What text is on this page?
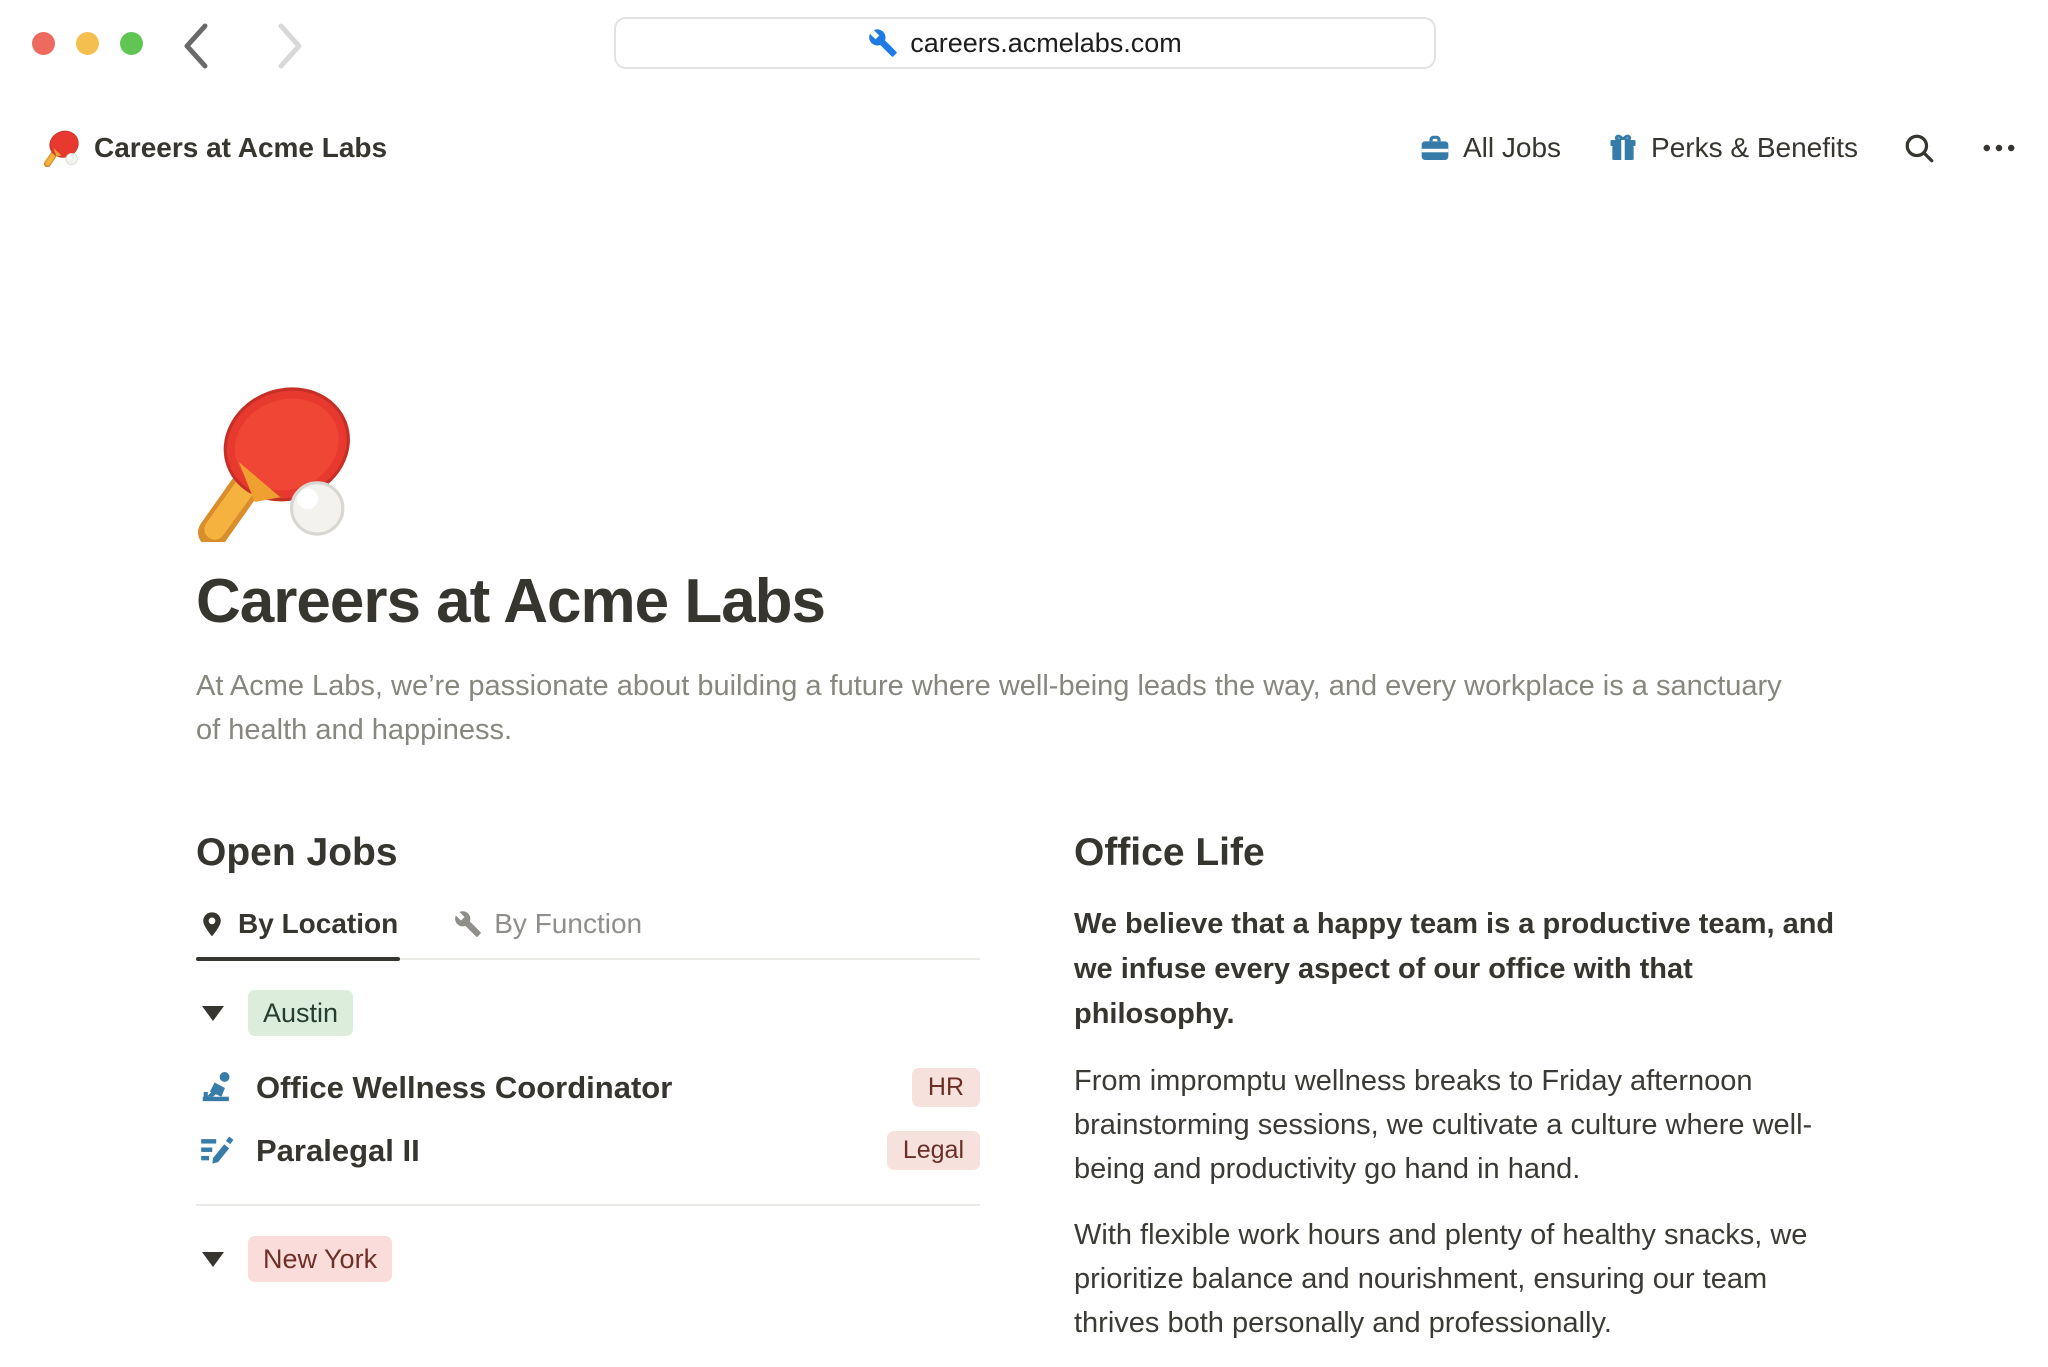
careers.acmelabs.com
Careers at Acme Labs	All Jobs	Perks & Benefits
Careers at Acme Labs

At Acme Labs, we’re passionate about building a future where well-being leads the way, and every workplace is a sanctuary of health and happiness.

Open Jobs
By Location	By Function
Austin
Office Wellness Coordinator	HR
Paralegal II	Legal
New York
Office Life

We believe that a happy team is a productive team, and we infuse every aspect of our office with that philosophy.

From impromptu wellness breaks to Friday afternoon brainstorming sessions, we cultivate a culture where well-being and productivity go hand in hand.

With flexible work hours and plenty of healthy snacks, we prioritize balance and nourishment, ensuring our team thrives both personally and professionally.
